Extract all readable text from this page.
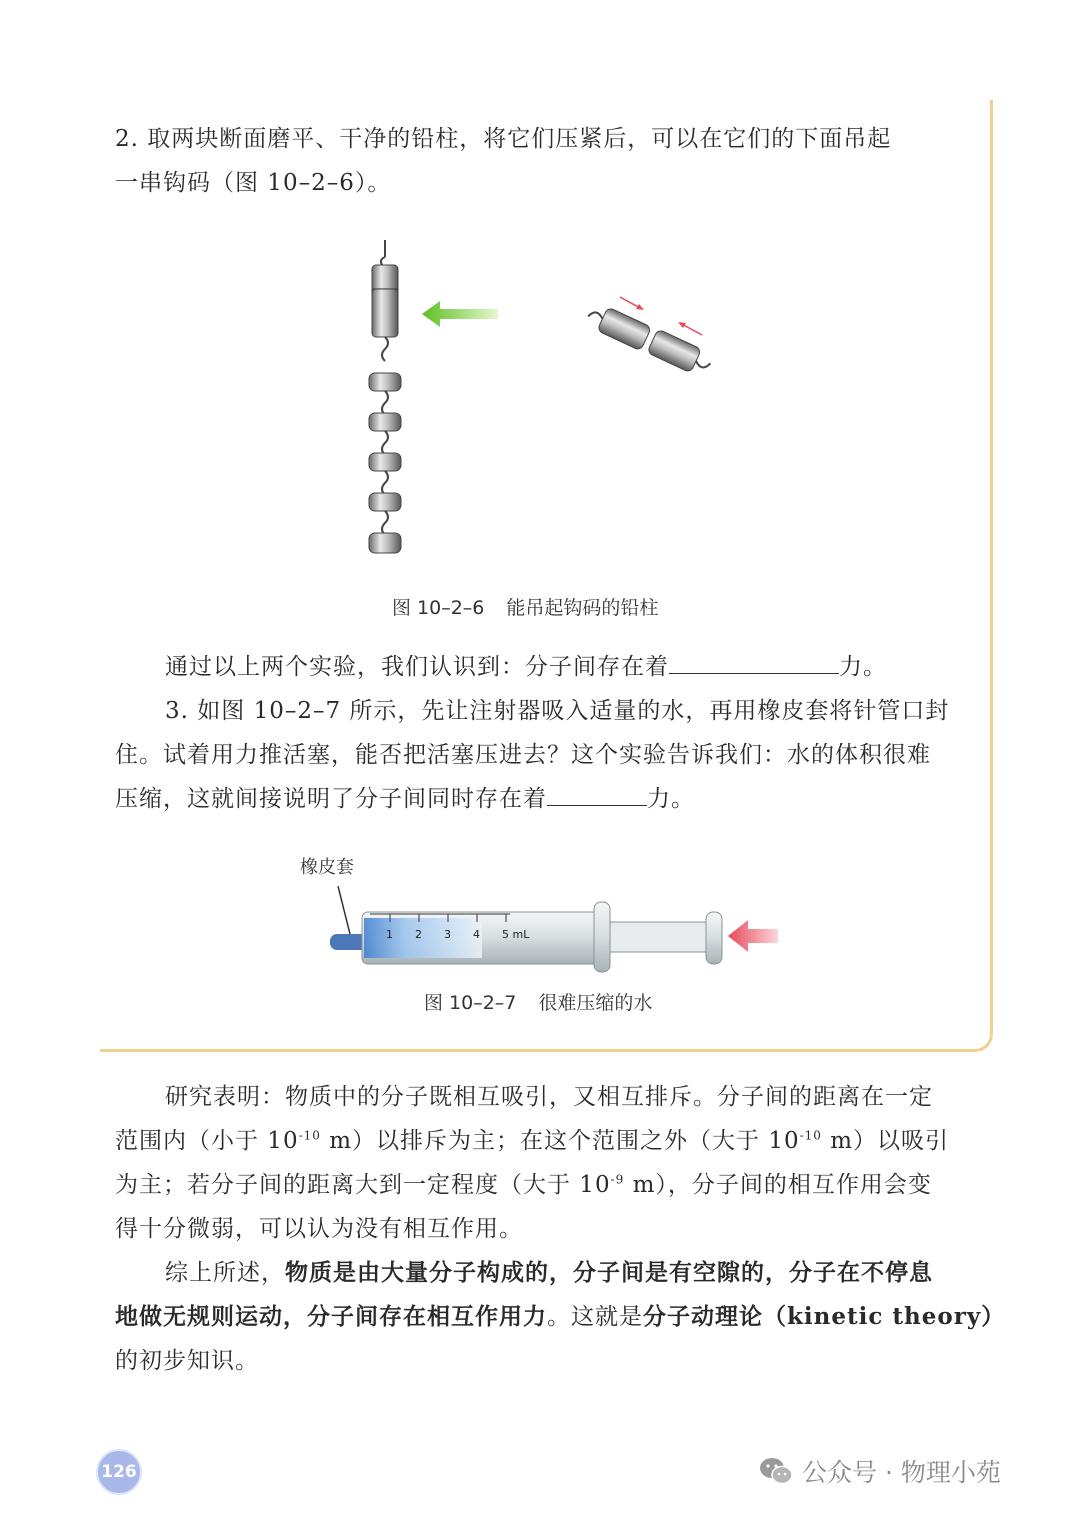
2. 取两块断面磨平、干净的铅柱，将它们压紧后，可以在它们的下面吊起
一串钩码（图 10–2–6）。
图 10–2–6 能吊起钩码的铅柱
通过以上两个实验，我们认识到：分子间存在着	力。
3. 如图 10–2–7 所示，先让注射器吸入适量的水，再用橡皮套将针管口封
住。试着用力推活塞，能否把活塞压进去？这个实验告诉我们：水的体积很难
压缩，这就间接说明了分子间同时存在着	力。
橡皮套
1 2 3 4 5 mL
图 10–2–7 很难压缩的水
研究表明：物质中的分子既相互吸引，又相互排斥。分子间的距离在一定
范围内（小于 $10^{-10}$ m）以排斥为主；在这个范围之外（大于 $10^{-10}$ m）以吸引
为主；若分子间的距离大到一定程度（大于 $10^{-9}$ m），分子间的相互作用会变
得十分微弱，可以认为没有相互作用。
综上所述，物质是由大量分子构成的，分子间是有空隙的，分子在不停息
地做无规则运动，分子间存在相互作用力。这就是分子动理论（kinetic theory）
的初步知识。
126	公众号 · 物理小苑
